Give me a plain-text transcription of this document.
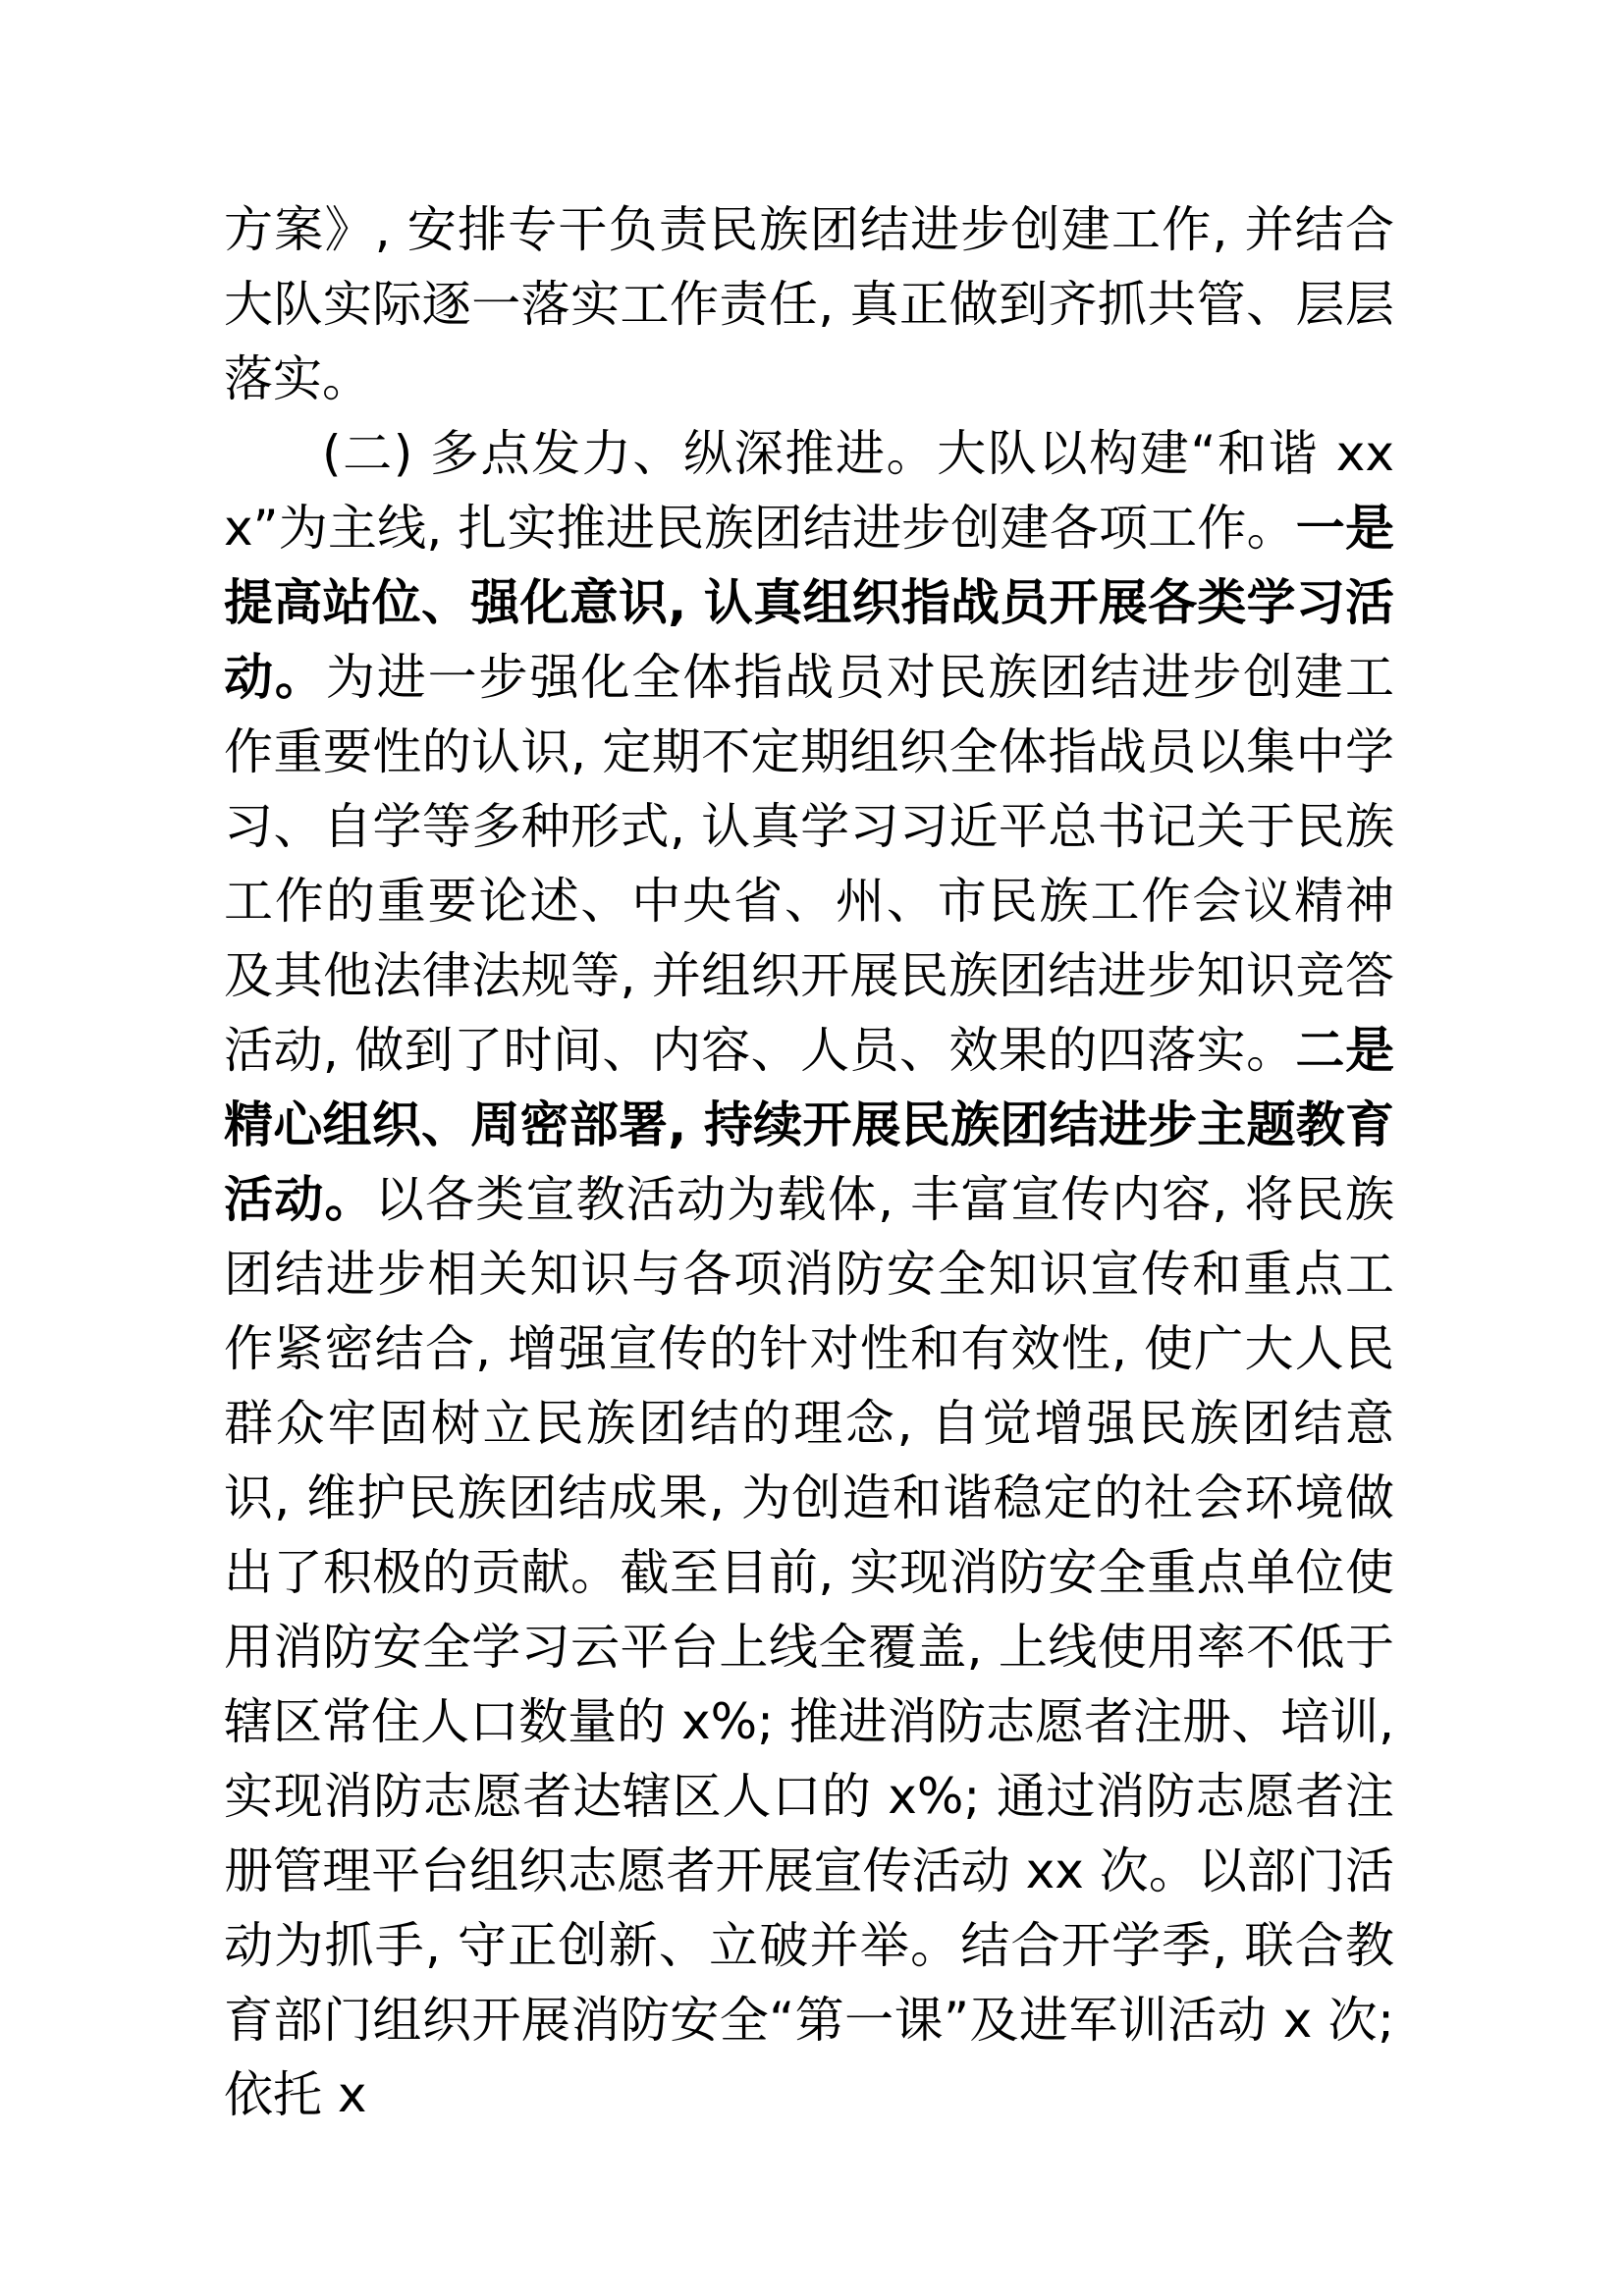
方案》, 安排专干负责民族团结进步创建工作, 并结合大队实际逐一落实工作责任, 真正做到齐抓共管、层层落实。

(二) 多点发力、纵深推进。大队以构建“和谐 xxx”为主线, 扎实推进民族团结进步创建各项工作。一是提高站位、强化意识, 认真组织指战员开展各类学习活动。为进一步强化全体指战员对民族团结进步创建工作重要性的认识, 定期不定期组织全体指战员以集中学习、自学等多种形式, 认真学习习近平总书记关于民族工作的重要论述、中央省、州、市民族工作会议精神及其他法律法规等, 并组织开展民族团结进步知识竞答活动, 做到了时间、内容、人员、效果的四落实。二是精心组织、周密部署, 持续开展民族团结进步主题教育活动。以各类宣教活动为载体, 丰富宣传内容, 将民族团结进步相关知识与各项消防安全知识宣传和重点工作紧密结合, 增强宣传的针对性和有效性, 使广大人民群众牢固树立民族团结的理念, 自觉增强民族团结意识, 维护民族团结成果, 为创造和谐稳定的社会环境做出了积极的贡献。截至目前, 实现消防安全重点单位使用消防安全学习云平台上线全覆盖, 上线使用率不低于辖区常住人口数量的 x%; 推进消防志愿者注册、培训, 实现消防志愿者达辖区人口的 x%; 通过消防志愿者注册管理平台组织志愿者开展宣传活动 xx 次。以部门活动为抓手, 守正创新、立破并举。结合开学季, 联合教育部门组织开展消防安全“第一课”及进军训活动 x 次; 依托 x
